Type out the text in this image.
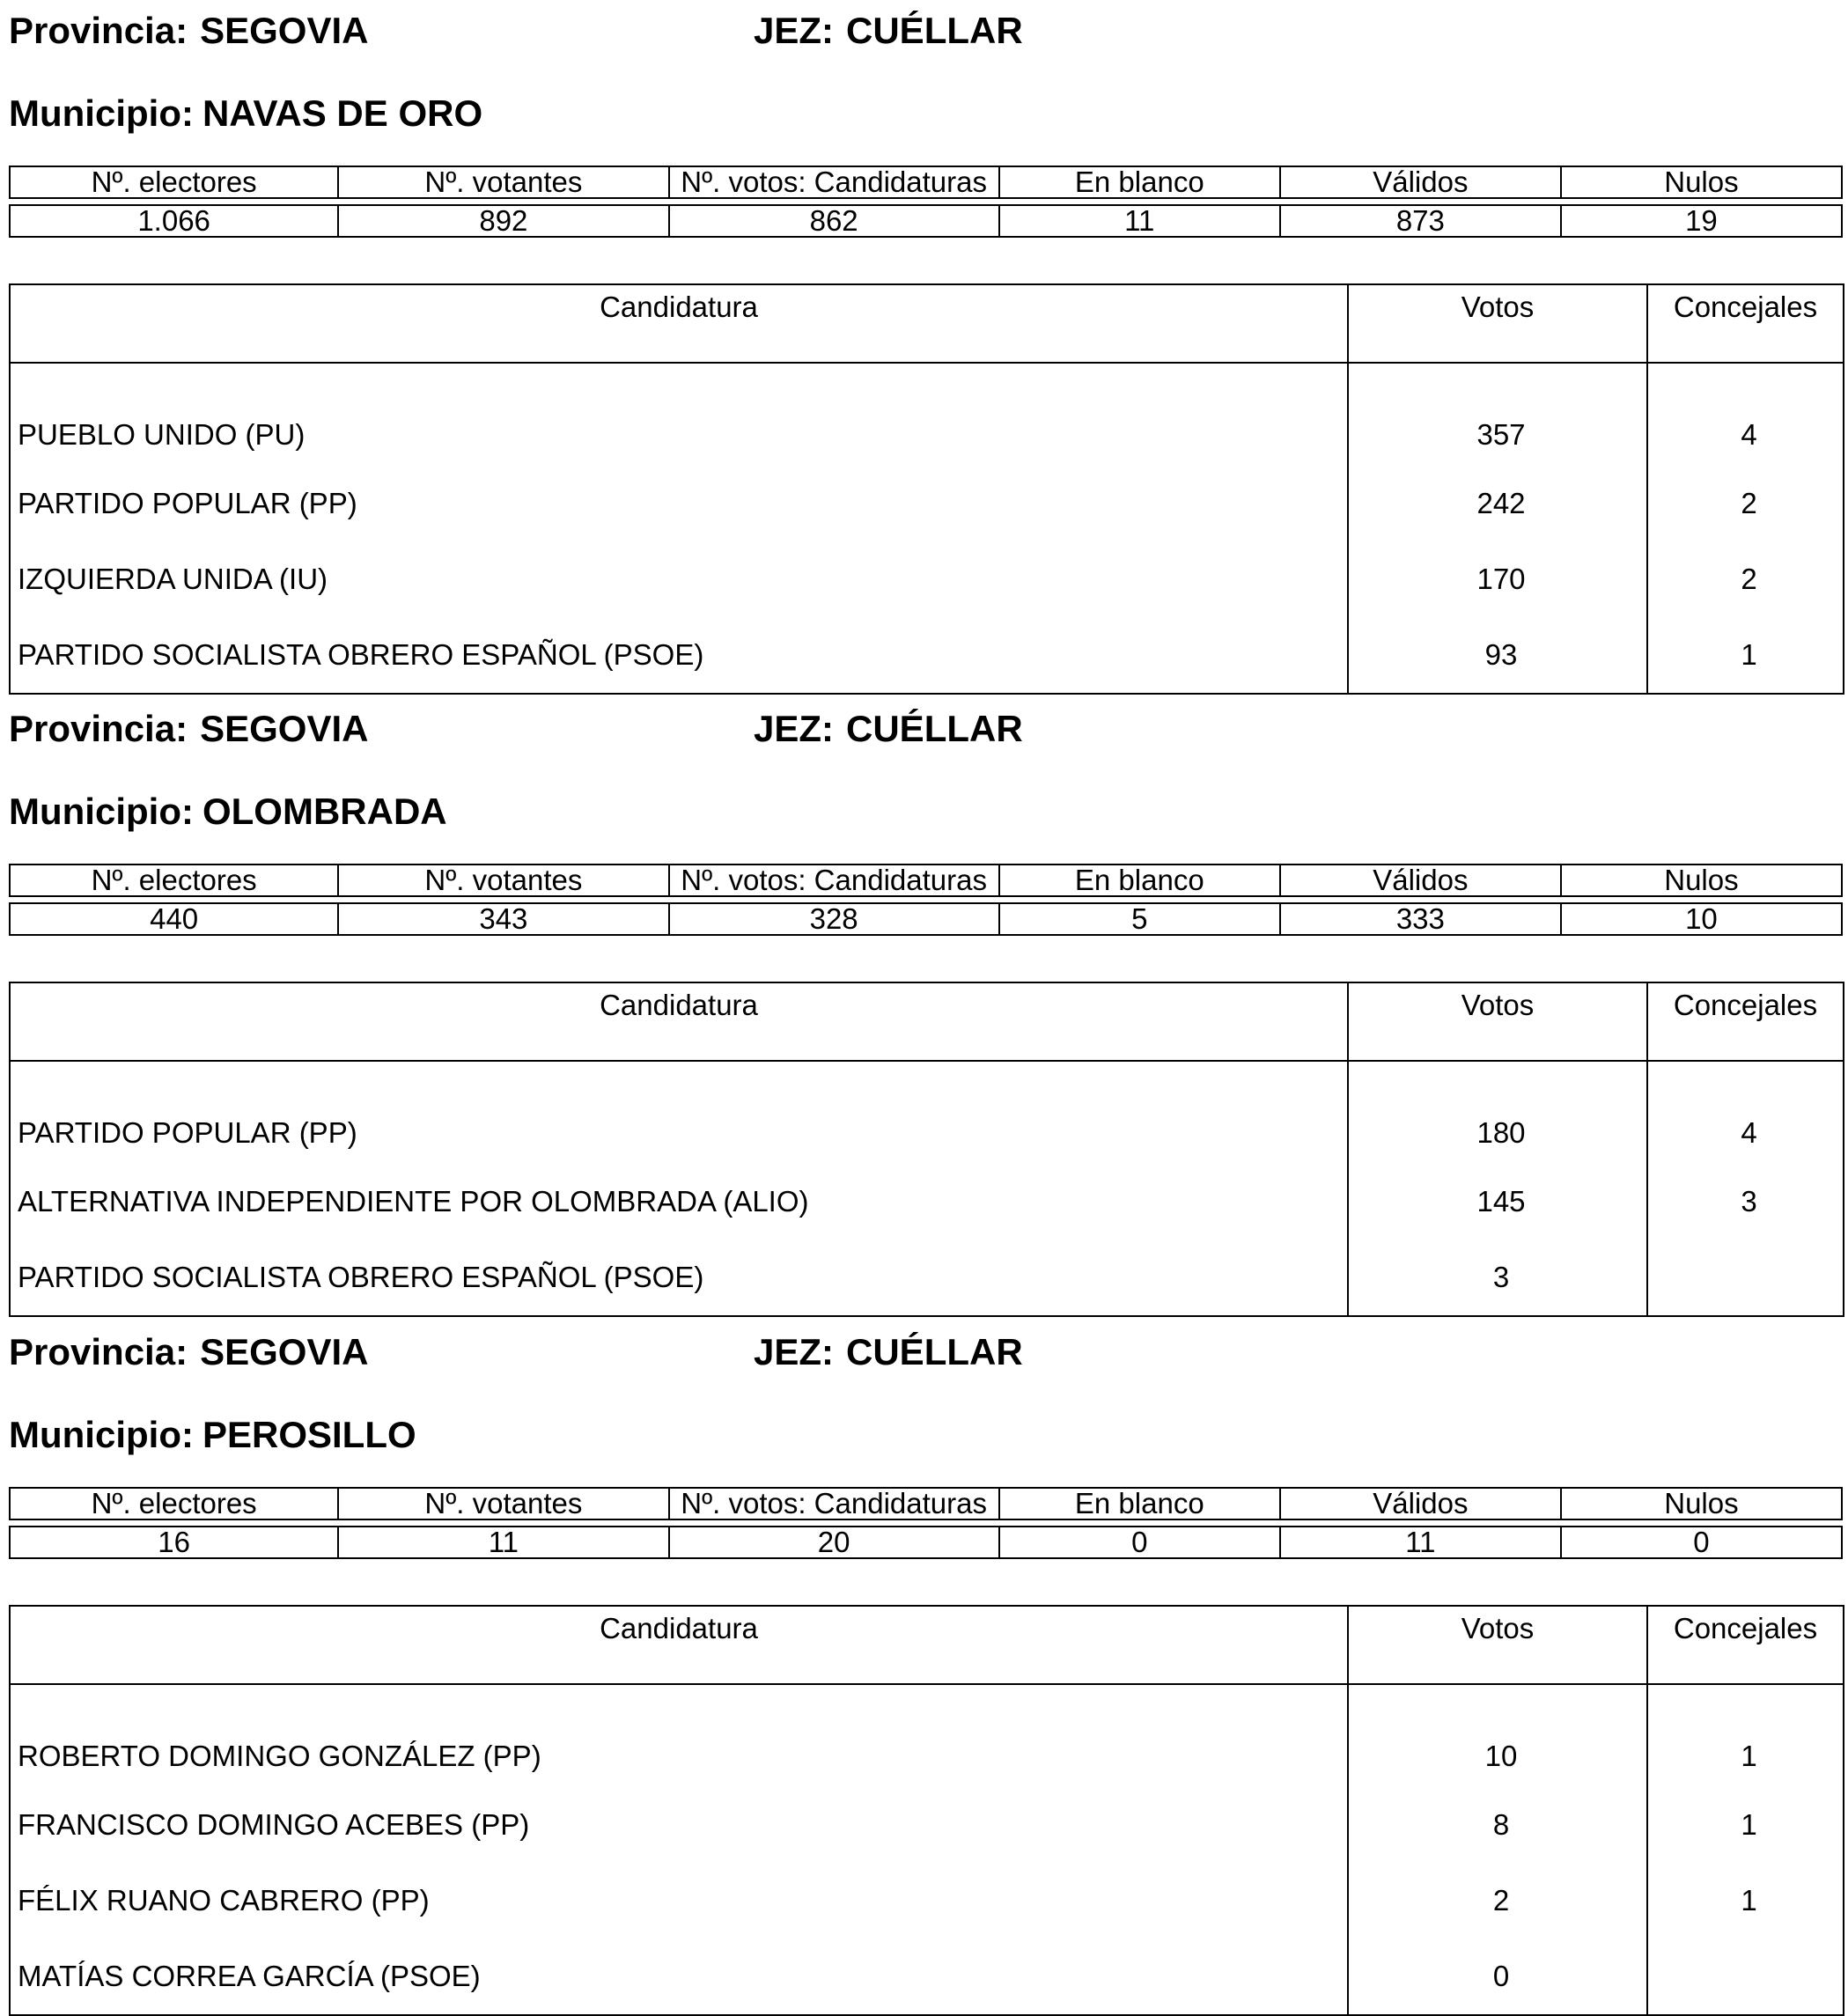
Provincia: SEGOVIA	JEZ: CUÉLLAR
Municipio: NAVAS DE ORO
Nº. electores	Nº. votantes	Nº. votos: Candidaturas	En blanco	Válidos	Nulos
1.066	892	862	11	873	19
Candidatura	Votos	Concejales
PUEBLO UNIDO (PU)	357	4
PARTIDO POPULAR (PP)	242	2
IZQUIERDA UNIDA (IU)	170	2
PARTIDO SOCIALISTA OBRERO ESPAÑOL (PSOE)	93	1
Provincia: SEGOVIA	JEZ: CUÉLLAR
Municipio: OLOMBRADA
Nº. electores	Nº. votantes	Nº. votos: Candidaturas	En blanco	Válidos	Nulos
440	343	328	5	333	10
Candidatura	Votos	Concejales
PARTIDO POPULAR (PP)	180	4
ALTERNATIVA INDEPENDIENTE POR OLOMBRADA (ALIO)	145	3
PARTIDO SOCIALISTA OBRERO ESPAÑOL (PSOE)	3	
Provincia: SEGOVIA	JEZ: CUÉLLAR
Municipio: PEROSILLO
Nº. electores	Nº. votantes	Nº. votos: Candidaturas	En blanco	Válidos	Nulos
16	11	20	0	11	0
Candidatura	Votos	Concejales
ROBERTO DOMINGO GONZÁLEZ (PP)	10	1
FRANCISCO DOMINGO ACEBES (PP)	8	1
FÉLIX RUANO CABRERO (PP)	2	1
MATÍAS CORREA GARCÍA (PSOE)	0	
